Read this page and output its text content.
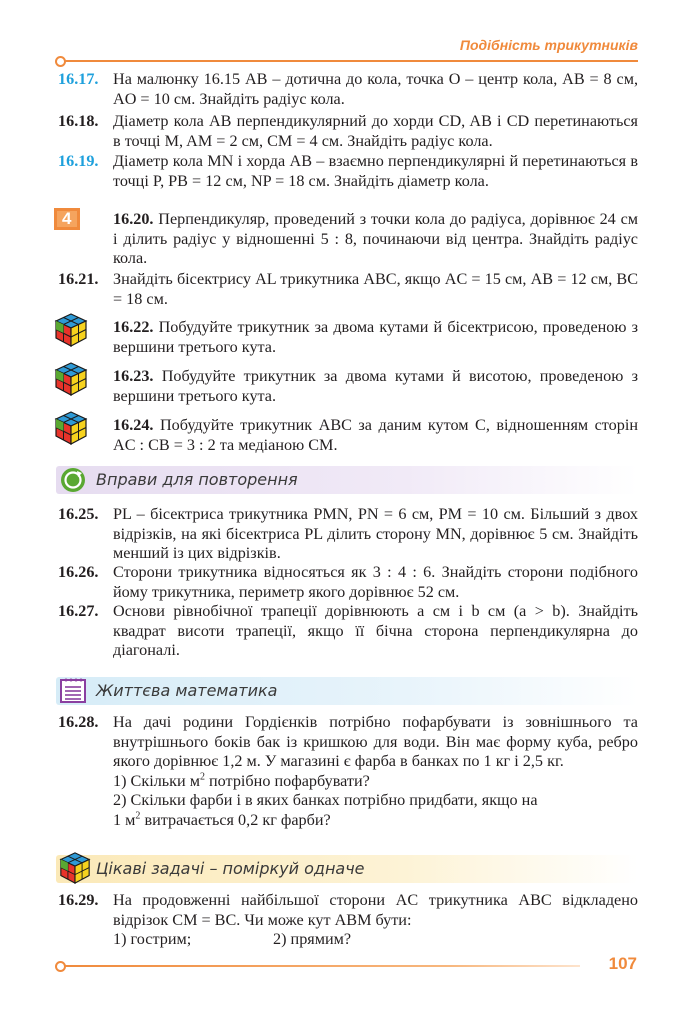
Подібність трикутників
16.17. На малюнку 16.15 AB – дотична до кола, точка O – центр кола, AB = 8 см, AO = 10 см. Знайдіть радіус кола.
16.18. Діаметр кола AB перпендикулярний до хорди CD, AB і CD перетинаються в точці M, AM = 2 см, CM = 4 см. Знайдіть радіус кола.
16.19. Діаметр кола MN і хорда AB – взаємно перпендикулярні й перетинаються в точці P, PB = 12 см, NP = 18 см. Знайдіть діаметр кола.
4	16.20. Перпендикуляр, проведений з точки кола до радіуса, дорівнює 24 см і ділить радіус у відношенні 5 : 8, починаючи від центра. Знайдіть радіус кола.
16.21. Знайдіть бісектрису AL трикутника ABC, якщо AC = 15 см, AB = 12 см, BC = 18 см.
16.22. Побудуйте трикутник за двома кутами й бісектрисою, проведеною з вершини третього кута.
16.23. Побудуйте трикутник за двома кутами й висотою, проведеною з вершини третього кута.
16.24. Побудуйте трикутник ABC за даним кутом C, відношенням сторін AC : CB = 3 : 2 та медіаною CM.
Вправи для повторення
16.25. PL – бісектриса трикутника PMN, PN = 6 см, PM = 10 см. Більший з двох відрізків, на які бісектриса PL ділить сторону MN, дорівнює 5 см. Знайдіть менший із цих відрізків.
16.26. Сторони трикутника відносяться як 3 : 4 : 6. Знайдіть сторони подібного йому трикутника, периметр якого дорівнює 52 см.
16.27. Основи рівнобічної трапеції дорівнюють a см і b см (a > b). Знайдіть квадрат висоти трапеції, якщо її бічна сторона перпендикулярна до діагоналі.
Життєва математика
16.28. На дачі родини Гордієнків потрібно пофарбувати із зовнішнього та внутрішнього боків бак із кришкою для води. Він має форму куба, ребро якого дорівнює 1,2 м. У магазині є фарба в банках по 1 кг і 2,5 кг.
1) Скільки $м^2$ потрібно пофарбувати?
2) Скільки фарби і в яких банках потрібно придбати, якщо на
1 $м^2$ витрачається 0,2 кг фарби?
Цікаві задачі – поміркуй одначе
16.29. На продовженні найбільшої сторони AC трикутника ABC відкладено відрізок CM = BC. Чи може кут ABM бути:
1) гострим;	2) прямим?
107
